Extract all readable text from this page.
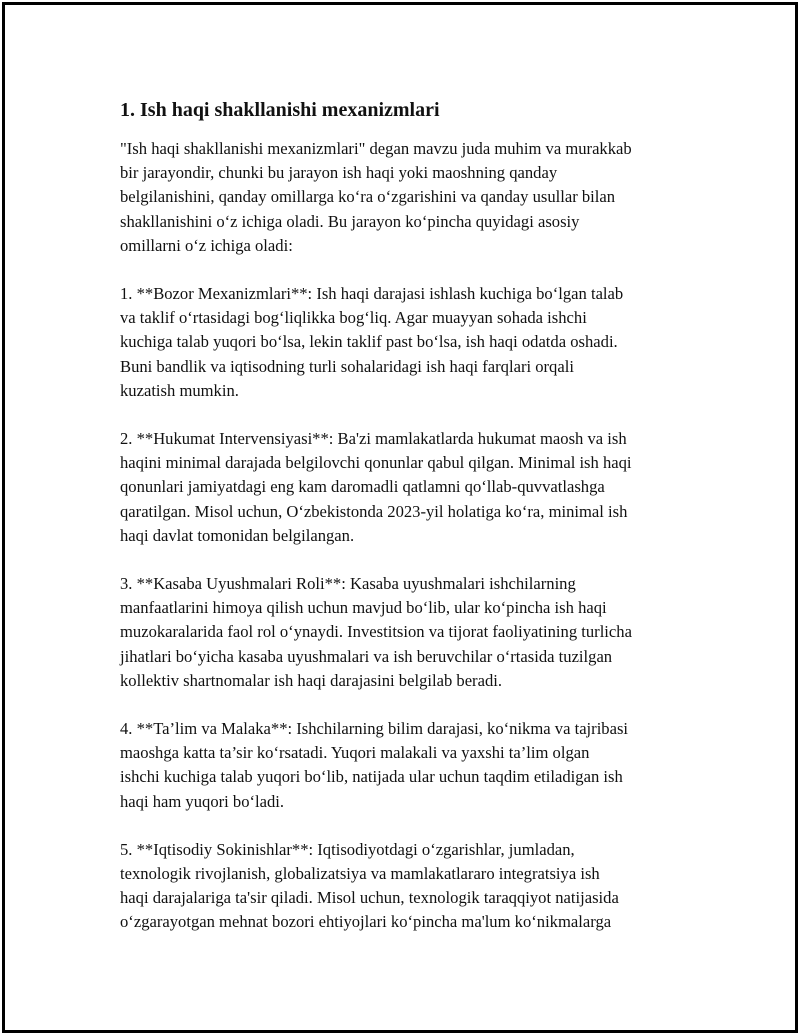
1. Ish haqi shakllanishi mexanizmlari

"Ish haqi shakllanishi mexanizmlari" degan mavzu juda muhim va murakkab
bir jarayondir, chunki bu jarayon ish haqi yoki maoshning qanday
belgilanishini, qanday omillarga ko‘ra o‘zgarishini va qanday usullar bilan
shakllanishini o‘z ichiga oladi. Bu jarayon ko‘pincha quyidagi asosiy
omillarni o‘z ichiga oladi:

1. **Bozor Mexanizmlari**: Ish haqi darajasi ishlash kuchiga bo‘lgan talab
va taklif o‘rtasidagi bog‘liqlikka bog‘liq. Agar muayyan sohada ishchi
kuchiga talab yuqori bo‘lsa, lekin taklif past bo‘lsa, ish haqi odatda oshadi.
Buni bandlik va iqtisodning turli sohalaridagi ish haqi farqlari orqali
kuzatish mumkin.

2. **Hukumat Intervensiyasi**: Ba'zi mamlakatlarda hukumat maosh va ish
haqini minimal darajada belgilovchi qonunlar qabul qilgan. Minimal ish haqi
qonunlari jamiyatdagi eng kam daromadli qatlamni qo‘llab-quvvatlashga
qaratilgan. Misol uchun, O‘zbekistonda 2023-yil holatiga ko‘ra, minimal ish
haqi davlat tomonidan belgilangan.

3. **Kasaba Uyushmalari Roli**: Kasaba uyushmalari ishchilarning
manfaatlarini himoya qilish uchun mavjud bo‘lib, ular ko‘pincha ish haqi
muzokaralarida faol rol o‘ynaydi. Investitsion va tijorat faoliyatining turlicha
jihatlari bo‘yicha kasaba uyushmalari va ish beruvchilar o‘rtasida tuzilgan
kollektiv shartnomalar ish haqi darajasini belgilab beradi.

4. **Ta’lim va Malaka**: Ishchilarning bilim darajasi, ko‘nikma va tajribasi
maoshga katta ta’sir ko‘rsatadi. Yuqori malakali va yaxshi ta’lim olgan
ishchi kuchiga talab yuqori bo‘lib, natijada ular uchun taqdim etiladigan ish
haqi ham yuqori bo‘ladi.

5. **Iqtisodiy Sokinishlar**: Iqtisodiyotdagi o‘zgarishlar, jumladan,
texnologik rivojlanish, globalizatsiya va mamlakatlararo integratsiya ish
haqi darajalariga ta'sir qiladi. Misol uchun, texnologik taraqqiyot natijasida
o‘zgarayotgan mehnat bozori ehtiyojlari ko‘pincha ma'lum ko‘nikmalarga
